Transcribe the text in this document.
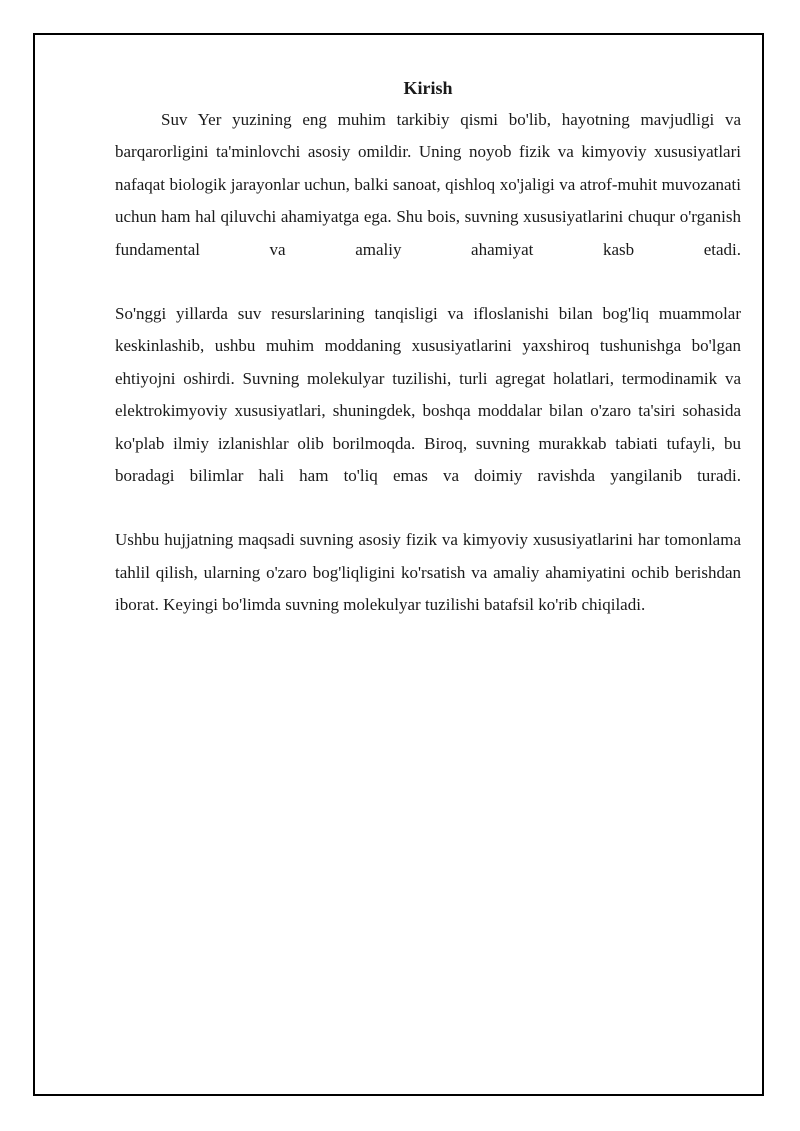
Kirish

Suv Yer yuzining eng muhim tarkibiy qismi bo'lib, hayotning mavjudligi va barqarorligini ta'minlovchi asosiy omildir. Uning noyob fizik va kimyoviy xususiyatlari nafaqat biologik jarayonlar uchun, balki sanoat, qishloq xo'jaligi va atrof-muhit muvozanati uchun ham hal qiluvchi ahamiyatga ega. Shu bois, suvning xususiyatlarini chuqur o'rganish fundamental va amaliy ahamiyat kasb etadi.

So'nggi yillarda suv resurslarining tanqisligi va ifloslanishi bilan bog'liq muammolar keskinlashib, ushbu muhim moddaning xususiyatlarini yaxshiroq tushunishga bo'lgan ehtiyojni oshirdi. Suvning molekulyar tuzilishi, turli agregat holatlari, termodinamik va elektrokimyoviy xususiyatlari, shuningdek, boshqa moddalar bilan o'zaro ta'siri sohasida ko'plab ilmiy izlanishlar olib borilmoqda. Biroq, suvning murakkab tabiati tufayli, bu boradagi bilimlar hali ham to'liq emas va doimiy ravishda yangilanib turadi.

Ushbu hujjatning maqsadi suvning asosiy fizik va kimyoviy xususiyatlarini har tomonlama tahlil qilish, ularning o'zaro bog'liqligini ko'rsatish va amaliy ahamiyatini ochib berishdan iborat. Keyingi bo'limda suvning molekulyar tuzilishi batafsil ko'rib chiqiladi.
